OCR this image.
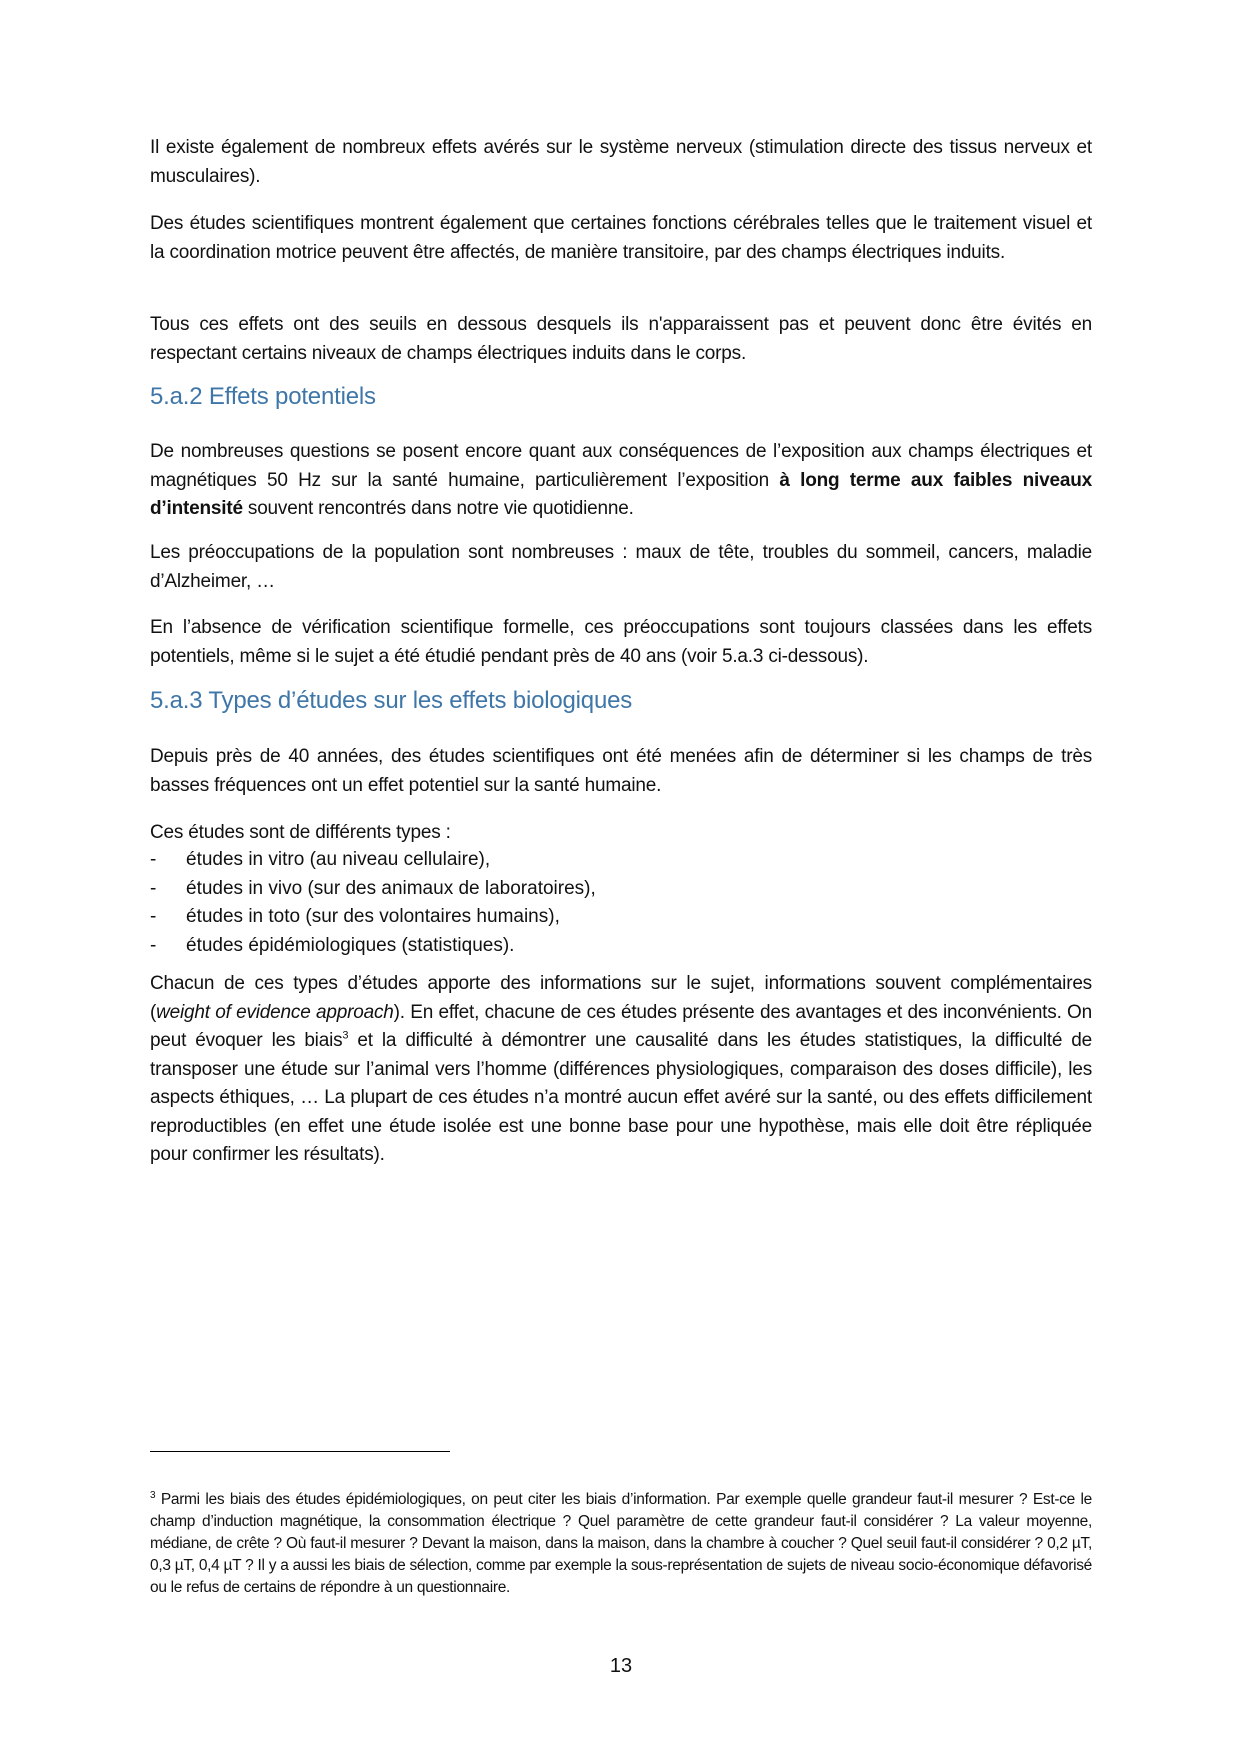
Il existe également de nombreux effets avérés sur le système nerveux (stimulation directe des tissus nerveux et musculaires).

Des études scientifiques montrent également que certaines fonctions cérébrales telles que le traitement visuel et la coordination motrice peuvent être affectés, de manière transitoire, par des champs électriques induits.

Tous ces effets ont des seuils en dessous desquels ils n'apparaissent pas et peuvent donc être évités en respectant certains niveaux de champs électriques induits dans le corps.

5.a.2 Effets potentiels

De nombreuses questions se posent encore quant aux conséquences de l’exposition aux champs électriques et magnétiques 50 Hz sur la santé humaine, particulièrement l’exposition à long terme aux faibles niveaux d’intensité souvent rencontrés dans notre vie quotidienne.

Les préoccupations de la population sont nombreuses : maux de tête, troubles du sommeil, cancers, maladie d’Alzheimer, …

En l’absence de vérification scientifique formelle, ces préoccupations sont toujours classées dans les effets potentiels, même si le sujet a été étudié pendant près de 40 ans (voir 5.a.3 ci-dessous).

5.a.3 Types d’études sur les effets biologiques

Depuis près de 40 années, des études scientifiques ont été menées afin de déterminer si les champs de très basses fréquences ont un effet potentiel sur la santé humaine.

Ces études sont de différents types :

- études in vitro (au niveau cellulaire),
- études in vivo (sur des animaux de laboratoires),
- études in toto (sur des volontaires humains),
- études épidémiologiques (statistiques).

Chacun de ces types d’études apporte des informations sur le sujet, informations souvent complémentaires (weight of evidence approach). En effet, chacune de ces études présente des avantages et des inconvénients. On peut évoquer les biais$^3$ et la difficulté à démontrer une causalité dans les études statistiques, la difficulté de transposer une étude sur l’animal vers l’homme (différences physiologiques, comparaison des doses difficile), les aspects éthiques, … La plupart de ces études n’a montré aucun effet avéré sur la santé, ou des effets difficilement reproductibles (en effet une étude isolée est une bonne base pour une hypothèse, mais elle doit être répliquée pour confirmer les résultats).

$^3$ Parmi les biais des études épidémiologiques, on peut citer les biais d’information. Par exemple quelle grandeur faut-il mesurer ? Est-ce le champ d’induction magnétique, la consommation électrique ? Quel paramètre de cette grandeur faut-il considérer ? La valeur moyenne, médiane, de crête ? Où faut-il mesurer ? Devant la maison, dans la maison, dans la chambre à coucher ? Quel seuil faut-il considérer ? 0,2 µT, 0,3 µT, 0,4 µT ? Il y a aussi les biais de sélection, comme par exemple la sous-représentation de sujets de niveau socio-économique défavorisé ou le refus de certains de répondre à un questionnaire.

13
